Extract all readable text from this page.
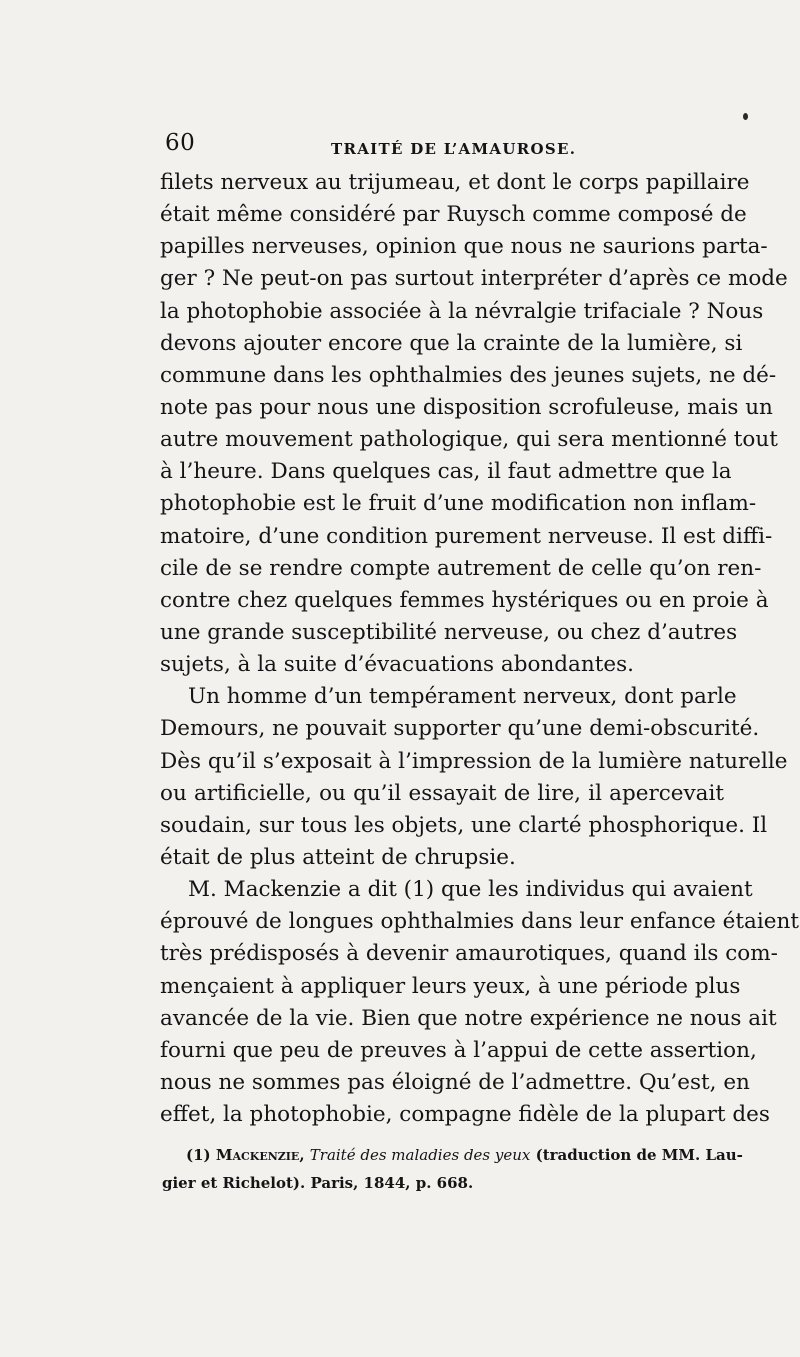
60	TRAITÉ DE L’AMAUROSE.
filets nerveux au trijumeau, et dont le corps papillaire
était même considéré par Ruysch comme composé de
papilles nerveuses, opinion que nous ne saurions parta-
ger ? Ne peut-on pas surtout interpréter d’après ce mode
la photophobie associée à la névralgie trifaciale ? Nous
devons ajouter encore que la crainte de la lumière, si
commune dans les ophthalmies des jeunes sujets, ne dé-
note pas pour nous une disposition scrofuleuse, mais un
autre mouvement pathologique, qui sera mentionné tout
à l’heure. Dans quelques cas, il faut admettre que la
photophobie est le fruit d’une modification non inflam-
matoire, d’une condition purement nerveuse. Il est diffi-
cile de se rendre compte autrement de celle qu’on ren-
contre chez quelques femmes hystériques ou en proie à
une grande susceptibilité nerveuse, ou chez d’autres
sujets, à la suite d’évacuations abondantes.
Un homme d’un tempérament nerveux, dont parle
Demours, ne pouvait supporter qu’une demi-obscurité.
Dès qu’il s’exposait à l’impression de la lumière naturelle
ou artificielle, ou qu’il essayait de lire, il apercevait
soudain, sur tous les objets, une clarté phosphorique. Il
était de plus atteint de chrupsie.
M. Mackenzie a dit (1) que les individus qui avaient
éprouvé de longues ophthalmies dans leur enfance étaient
très prédisposés à devenir amaurotiques, quand ils com-
mençaient à appliquer leurs yeux, à une période plus
avancée de la vie. Bien que notre expérience ne nous ait
fourni que peu de preuves à l’appui de cette assertion,
nous ne sommes pas éloigné de l’admettre. Qu’est, en
effet, la photophobie, compagne fidèle de la plupart des
(1) Mackenzie, Traité des maladies des yeux (traduction de MM. Lau-
gier et Richelot). Paris, 1844, p. 668.
